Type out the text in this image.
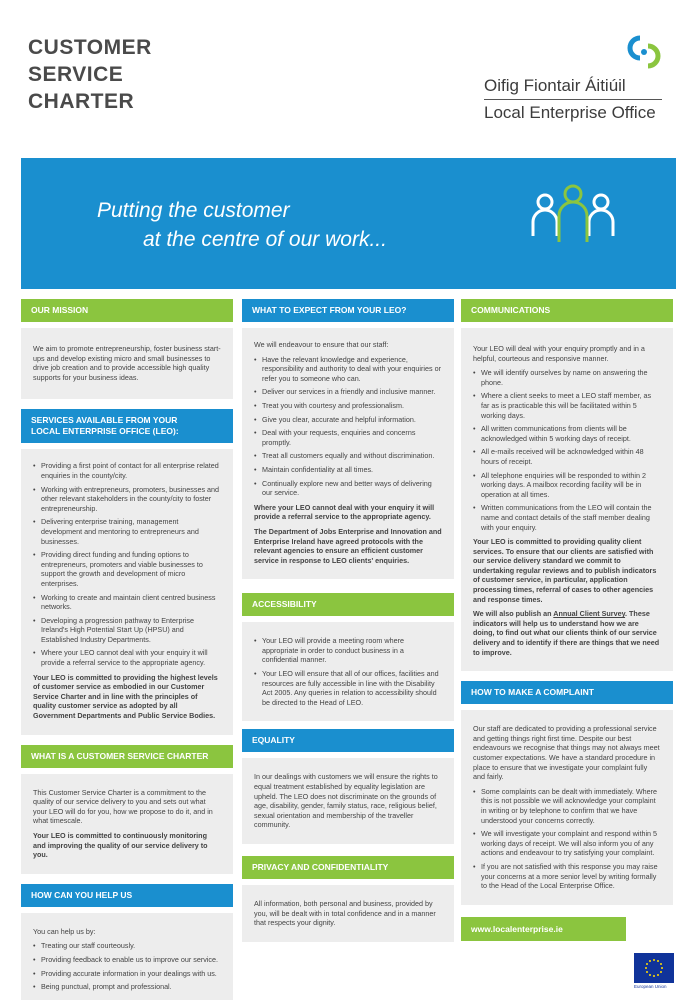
CUSTOMER
SERVICE
CHARTER
Oifig Fiontair Áitiúil
Local Enterprise Office
Putting the customer
at the centre of our work...
OUR MISSION

We aim to promote entrepreneurship, foster business start-ups and develop existing micro and small businesses to drive job creation and to provide accessible high quality supports for your business ideas.

SERVICES AVAILABLE FROM YOUR
LOCAL ENTERPRISE OFFICE (LEO):
• Providing a first point of contact for all enterprise related enquiries in the county/city.
• Working with entrepreneurs, promoters, businesses and other relevant stakeholders in the county/city to foster entrepreneurship.
• Delivering enterprise training, management development and mentoring to entrepreneurs and businesses.
• Providing direct funding and funding options to entrepreneurs, promoters and viable businesses to support the growth and development of micro enterprises.
• Working to create and maintain client centred business networks.
• Developing a progression pathway to Enterprise Ireland's High Potential Start Up (HPSU) and Established Industry Departments.
• Where your LEO cannot deal with your enquiry it will provide a referral service to the appropriate agency.

Your LEO is committed to providing the highest levels of customer service as embodied in our Customer Service Charter and in line with the principles of quality customer service as adopted by all Government Departments and Public Service Bodies.

WHAT IS A CUSTOMER SERVICE CHARTER

This Customer Service Charter is a commitment to the quality of our service delivery to you and sets out what your LEO will do for you, how we propose to do it, and in what timescale.

Your LEO is committed to continuously monitoring and improving the quality of our service delivery to you.

HOW CAN YOU HELP US

You can help us by:

• Treating our staff courteously.
• Providing feedback to enable us to improve our service.
• Providing accurate information in your dealings with us.
• Being punctual, prompt and professional.
WHAT TO EXPECT FROM YOUR LEO?

We will endeavour to ensure that our staff:

• Have the relevant knowledge and experience, responsibility and authority to deal with your enquiries or refer you to someone who can.
• Deliver our services in a friendly and inclusive manner.
• Treat you with courtesy and professionalism.
• Give you clear, accurate and helpful information.
• Deal with your requests, enquiries and concerns promptly.
• Treat all customers equally and without discrimination.
• Maintain confidentiality at all times.
• Continually explore new and better ways of delivering our service.

Where your LEO cannot deal with your enquiry it will provide a referral service to the appropriate agency.

The Department of Jobs Enterprise and Innovation and Enterprise Ireland have agreed protocols with the relevant agencies to ensure an efficient customer service in response to LEO clients' enquiries.

ACCESSIBILITY
• Your LEO will provide a meeting room where appropriate in order to conduct business in a confidential manner.
• Your LEO will ensure that all of our offices, facilities and resources are fully accessible in line with the Disability Act 2005. Any queries in relation to accessibility should be directed to the Head of LEO.
EQUALITY

In our dealings with customers we will ensure the rights to equal treatment established by equality legislation are upheld. The LEO does not discriminate on the grounds of age, disability, gender, family status, race, religious belief, sexual orientation and membership of the traveller community.

PRIVACY AND CONFIDENTIALITY

All information, both personal and business, provided by you, will be dealt with in total confidence and in a manner that respects your dignity.

COMMUNICATIONS

Your LEO will deal with your enquiry promptly and in a helpful, courteous and responsive manner.

• We will identify ourselves by name on answering the phone.
• Where a client seeks to meet a LEO staff member, as far as is practicable this will be facilitated within 5 working days.
• All written communications from clients will be acknowledged within 5 working days of receipt.
• All e-mails received will be acknowledged within 48 hours of receipt.
• All telephone enquiries will be responded to within 2 working days. A mailbox recording facility will be in operation at all times.
• Written communications from the LEO will contain the name and contact details of the staff member dealing with your enquiry.

Your LEO is committed to providing quality client services. To ensure that our clients are satisfied with our service delivery standard we commit to undertaking regular reviews and to publish indicators of customer service, in particular, application processing times, referral of cases to other agencies and response times.

We will also publish an Annual Client Survey. These indicators will help us to understand how we are doing, to find out what our clients think of our service delivery and to identify if there are things that we need to improve.

HOW TO MAKE A COMPLAINT

Our staff are dedicated to providing a professional service and getting things right first time. Despite our best endeavours we recognise that things may not always meet customer expectations. We have a standard procedure in place to ensure that we investigate your complaint fully and fairly.

• Some complaints can be dealt with immediately. Where this is not possible we will acknowledge your complaint in writing or by telephone to confirm that we have understood your concerns correctly.
• We will investigate your complaint and respond within 5 working days of receipt. We will also inform you of any actions and endeavour to try satisfying your complaint.
• If you are not satisfied with this response you may raise your concerns at a more senior level by writing formally to the Head of the Local Enterprise Office.
www.localenterprise.ie
European Union
